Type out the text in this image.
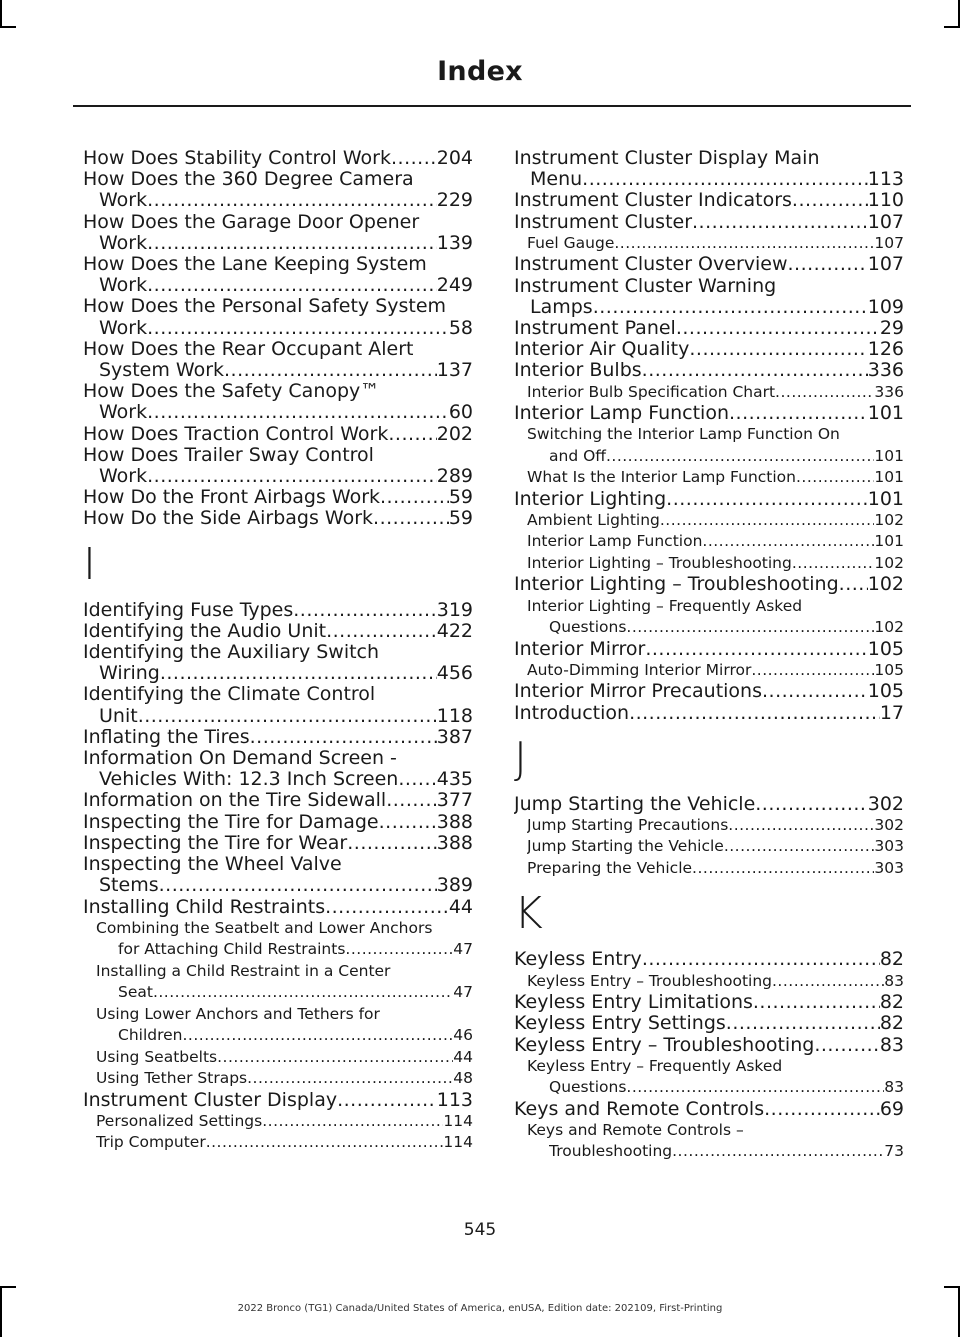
Index
How Does Stability Control Work .....	204
How Does the 360 Degree Camera
Work .....	229
How Does the Garage Door Opener
Work .....	139
How Does the Lane Keeping System
Work .....	249
How Does the Personal Safety System
Work .....	58
How Does the Rear Occupant Alert
System Work .....	137
How Does the Safety Canopy™
Work .....	60
How Does Traction Control Work .....	202
How Does Trailer Sway Control
Work .....	289
How Do the Front Airbags Work .....	59
How Do the Side Airbags Work .....	59
I
Identifying Fuse Types .....	319
Identifying the Audio Unit .....	422
Identifying the Auxiliary Switch
Wiring .....	456
Identifying the Climate Control
Unit .....	118
Inflating the Tires .....	387
Information On Demand Screen -
Vehicles With: 12.3 Inch Screen .....	435
Information on the Tire Sidewall .....	377
Inspecting the Tire for Damage .....	388
Inspecting the Tire for Wear .....	388
Inspecting the Wheel Valve
Stems .....	389
Installing Child Restraints .....	44
Combining the Seatbelt and Lower Anchors
for Attaching Child Restraints .....	47
Installing a Child Restraint in a Center
Seat .....	47
Using Lower Anchors and Tethers for
Children .....	46
Using Seatbelts .....	44
Using Tether Straps .....	48
Instrument Cluster Display .....	113
Personalized Settings .....	114
Trip Computer .....	114
Instrument Cluster Display Main
Menu .....	113
Instrument Cluster Indicators .....	110
Instrument Cluster .....	107
Fuel Gauge .....	107
Instrument Cluster Overview .....	107
Instrument Cluster Warning
Lamps .....	109
Instrument Panel .....	29
Interior Air Quality .....	126
Interior Bulbs .....	336
Interior Bulb Specification Chart .....	336
Interior Lamp Function .....	101
Switching the Interior Lamp Function On
and Off .....	101
What Is the Interior Lamp Function .....	101
Interior Lighting .....	101
Ambient Lighting .....	102
Interior Lamp Function .....	101
Interior Lighting – Troubleshooting .....	102
Interior Lighting – Troubleshooting .....	102
Interior Lighting – Frequently Asked
Questions .....	102
Interior Mirror .....	105
Auto-Dimming Interior Mirror .....	105
Interior Mirror Precautions .....	105
Introduction .....	17
J
Jump Starting the Vehicle .....	302
Jump Starting Precautions .....	302
Jump Starting the Vehicle .....	303
Preparing the Vehicle .....	303
K
Keyless Entry .....	82
Keyless Entry – Troubleshooting .....	83
Keyless Entry Limitations .....	82
Keyless Entry Settings .....	82
Keyless Entry – Troubleshooting .....	83
Keyless Entry – Frequently Asked
Questions .....	83
Keys and Remote Controls .....	69
Keys and Remote Controls –
Troubleshooting .....	73
545
2022 Bronco (TG1) Canada/United States of America, enUSA, Edition date: 202109, First-Printing
